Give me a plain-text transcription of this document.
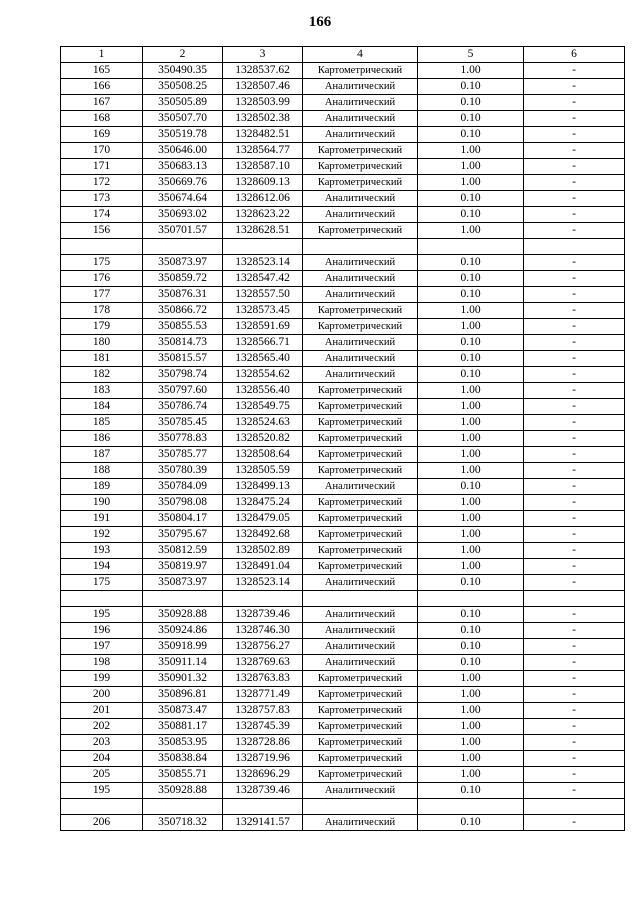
166
1	2	3	4	5	6
165	350490.35	1328537.62	Картометрический	1.00	-
166	350508.25	1328507.46	Аналитический	0.10	-
167	350505.89	1328503.99	Аналитический	0.10	-
168	350507.70	1328502.38	Аналитический	0.10	-
169	350519.78	1328482.51	Аналитический	0.10	-
170	350646.00	1328564.77	Картометрический	1.00	-
171	350683.13	1328587.10	Картометрический	1.00	-
172	350669.76	1328609.13	Картометрический	1.00	-
173	350674.64	1328612.06	Аналитический	0.10	-
174	350693.02	1328623.22	Аналитический	0.10	-
156	350701.57	1328628.51	Картометрический	1.00	-

175	350873.97	1328523.14	Аналитический	0.10	-
176	350859.72	1328547.42	Аналитический	0.10	-
177	350876.31	1328557.50	Аналитический	0.10	-
178	350866.72	1328573.45	Картометрический	1.00	-
179	350855.53	1328591.69	Картометрический	1.00	-
180	350814.73	1328566.71	Аналитический	0.10	-
181	350815.57	1328565.40	Аналитический	0.10	-
182	350798.74	1328554.62	Аналитический	0.10	-
183	350797.60	1328556.40	Картометрический	1.00	-
184	350786.74	1328549.75	Картометрический	1.00	-
185	350785.45	1328524.63	Картометрический	1.00	-
186	350778.83	1328520.82	Картометрический	1.00	-
187	350785.77	1328508.64	Картометрический	1.00	-
188	350780.39	1328505.59	Картометрический	1.00	-
189	350784.09	1328499.13	Аналитический	0.10	-
190	350798.08	1328475.24	Картометрический	1.00	-
191	350804.17	1328479.05	Картометрический	1.00	-
192	350795.67	1328492.68	Картометрический	1.00	-
193	350812.59	1328502.89	Картометрический	1.00	-
194	350819.97	1328491.04	Картометрический	1.00	-
175	350873.97	1328523.14	Аналитический	0.10	-

195	350928.88	1328739.46	Аналитический	0.10	-
196	350924.86	1328746.30	Аналитический	0.10	-
197	350918.99	1328756.27	Аналитический	0.10	-
198	350911.14	1328769.63	Аналитический	0.10	-
199	350901.32	1328763.83	Картометрический	1.00	-
200	350896.81	1328771.49	Картометрический	1.00	-
201	350873.47	1328757.83	Картометрический	1.00	-
202	350881.17	1328745.39	Картометрический	1.00	-
203	350853.95	1328728.86	Картометрический	1.00	-
204	350838.84	1328719.96	Картометрический	1.00	-
205	350855.71	1328696.29	Картометрический	1.00	-
195	350928.88	1328739.46	Аналитический	0.10	-

206	350718.32	1329141.57	Аналитический	0.10	-
